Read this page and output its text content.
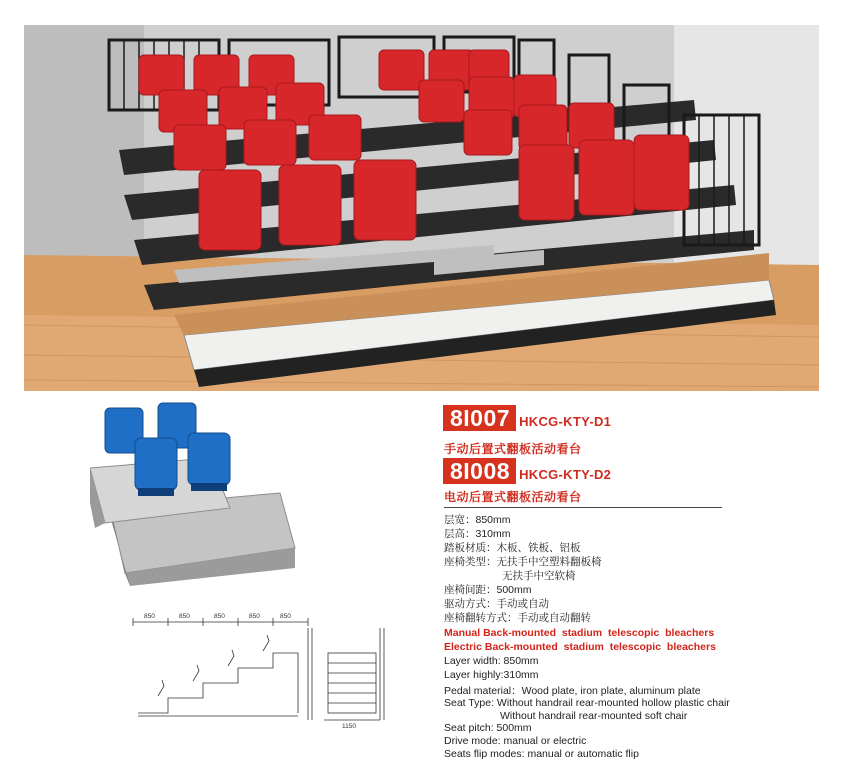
850	850	850	850	850
1150
8I007 HKCG-KTY-D1
手动后置式翻板活动看台
8I008 HKCG-KTY-D2
电动后置式翻板活动看台
层宽：850mm
层高：310mm
踏板材质：木板、铁板、铝板
座椅类型：无扶手中空塑料翻板椅
无扶手中空软椅
座椅间距：500mm
驱动方式：手动或自动
座椅翻转方式：手动或自动翻转
Manual Back-mounted  stadium  telescopic  bleachers
Electric Back-mounted  stadium  telescopic  bleachers
Layer width: 850mm
Layer highly:310mm
Pedal material：Wood plate, iron plate, aluminum plate
Seat Type: Without handrail rear-mounted hollow plastic chair
Without handrail rear-mounted soft chair
Seat pitch: 500mm
Drive mode: manual or electric
Seats flip modes: manual or automatic flip
